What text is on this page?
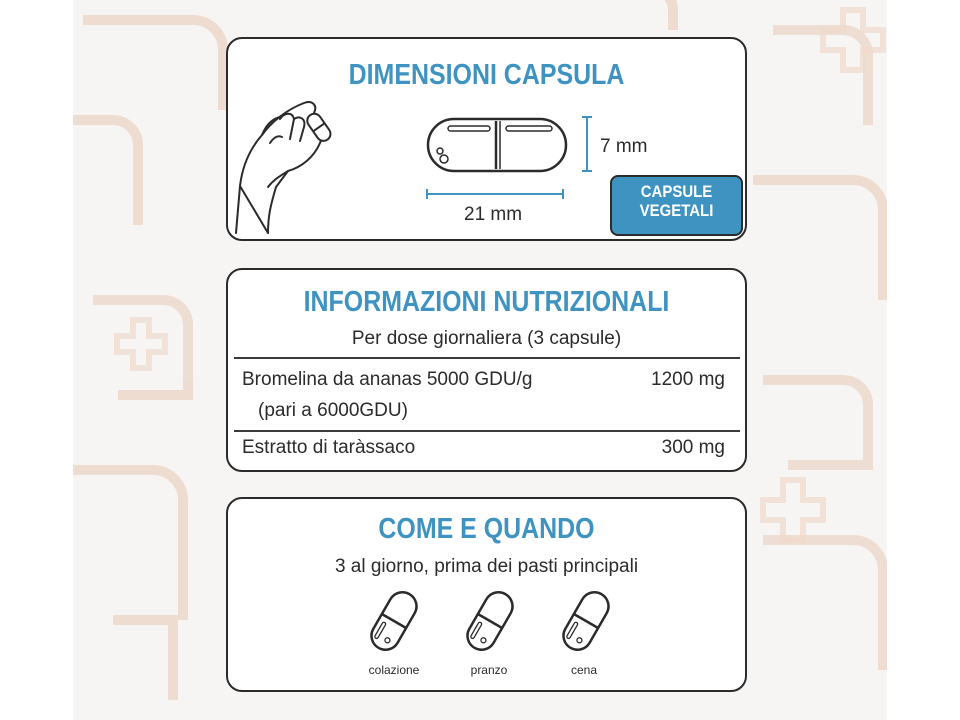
DIMENSIONI CAPSULA
7 mm
21 mm
CAPSULE
VEGETALI
INFORMAZIONI NUTRIZIONALI
Per dose giornaliera (3 capsule)
Bromelina da ananas 5000 GDU/g	1200 mg
(pari a 6000GDU)
Estratto di taràssaco	300 mg
COME E QUANDO
3 al giorno, prima dei pasti principali
colazione	pranzo	cena
